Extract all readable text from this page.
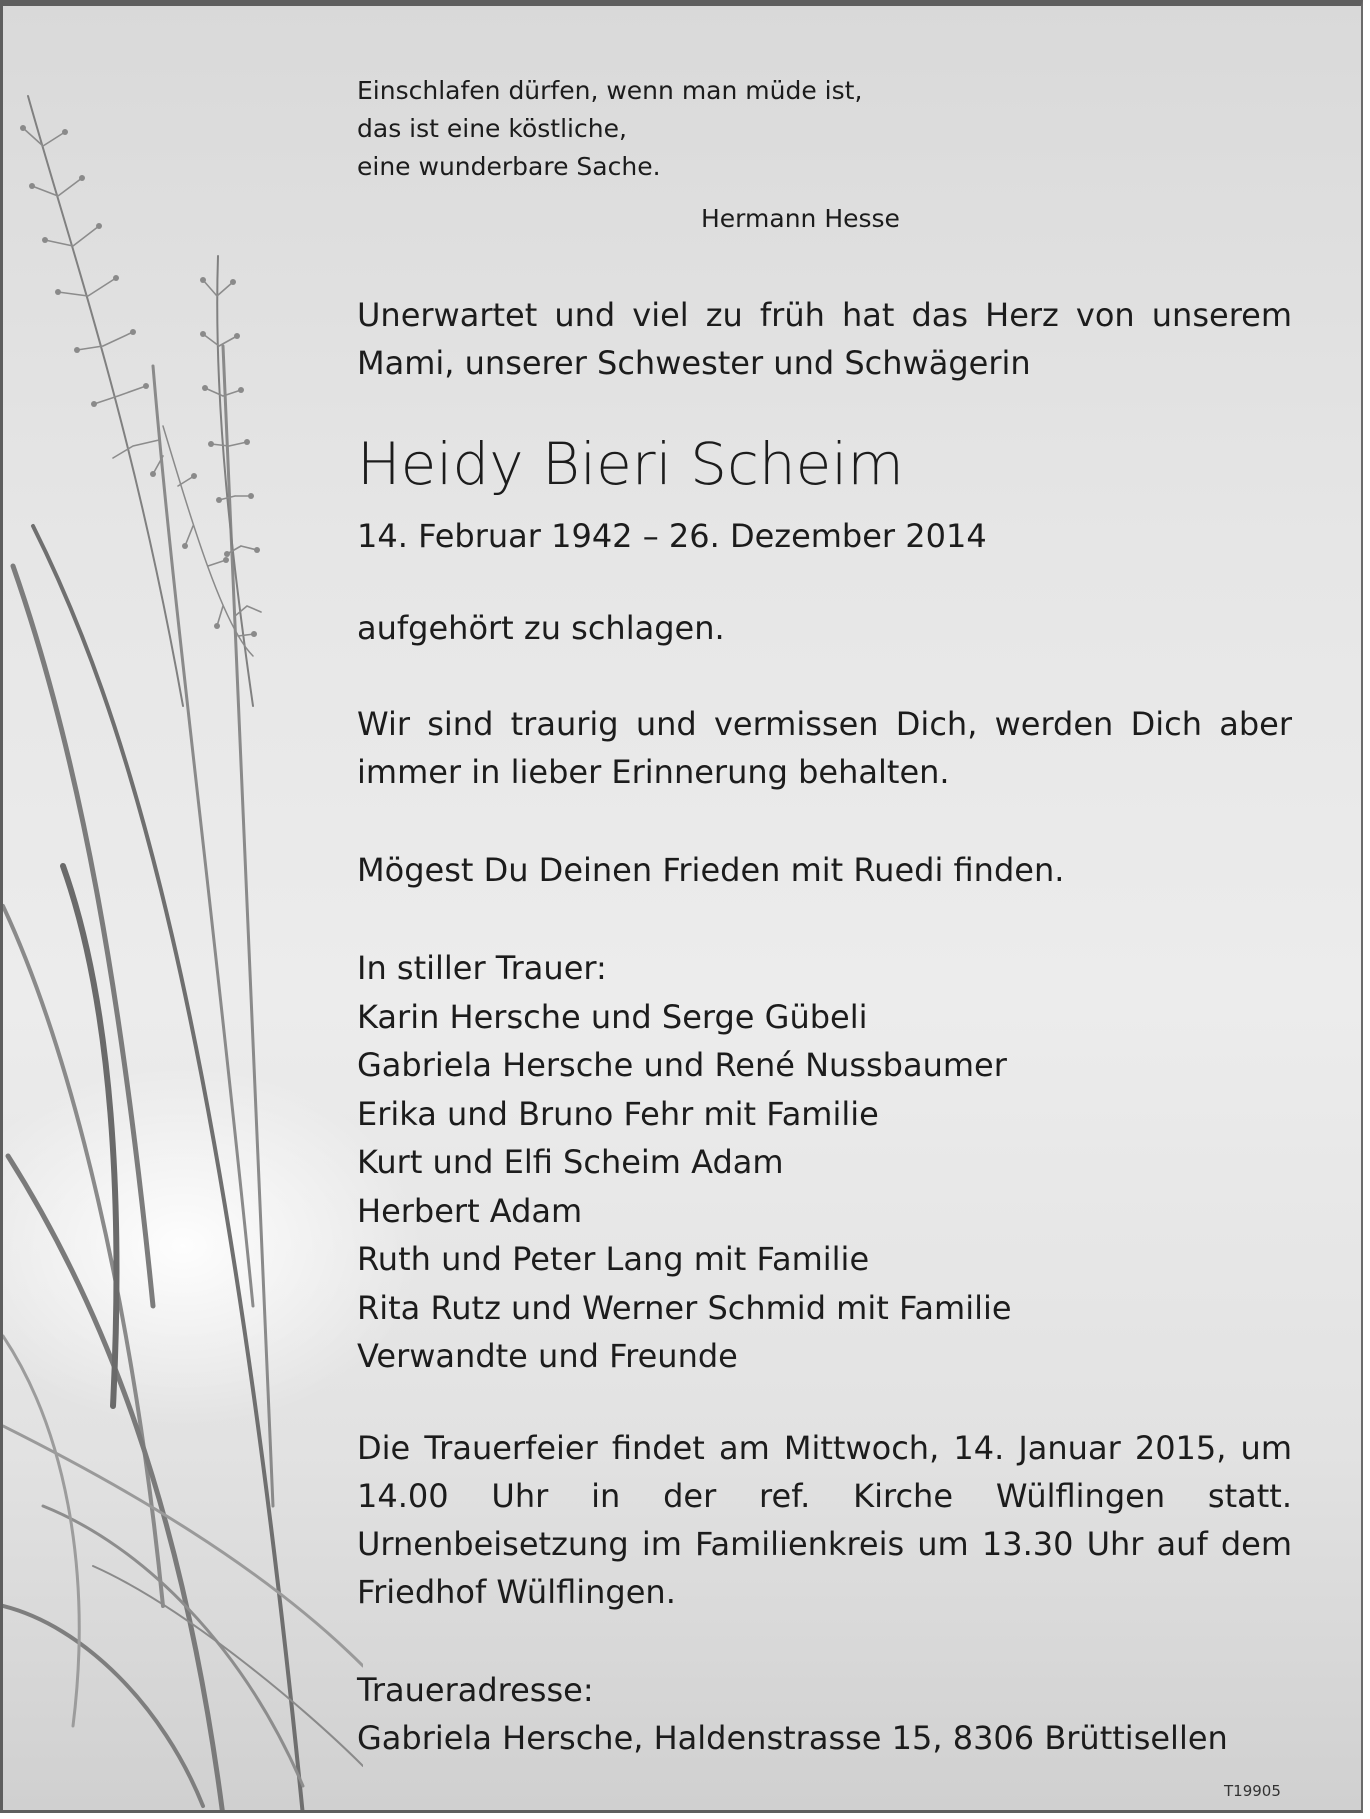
Einschlafen dürfen, wenn man müde ist,
das ist eine köstliche,
eine wunderbare Sache.
Hermann Hesse
Unerwartet und viel zu früh hat das Herz von unserem Mami, unserer Schwester und Schwägerin
Heidy Bieri Scheim
14. Februar 1942 – 26. Dezember 2014
aufgehört zu schlagen.
Wir sind traurig und vermissen Dich, werden Dich aber immer in lieber Erinnerung behalten.
Mögest Du Deinen Frieden mit Ruedi finden.
In stiller Trauer:
Karin Hersche und Serge Gübeli
Gabriela Hersche und René Nussbaumer
Erika und Bruno Fehr mit Familie
Kurt und Elfi Scheim Adam
Herbert Adam
Ruth und Peter Lang mit Familie
Rita Rutz und Werner Schmid mit Familie
Verwandte und Freunde
Die Trauerfeier findet am Mittwoch, 14. Januar 2015, um 14.00 Uhr in der ref. Kirche Wülflingen statt. Urnenbeisetzung im Familienkreis um 13.30 Uhr auf dem Friedhof Wülflingen.
Traueradresse:
Gabriela Hersche, Haldenstrasse 15, 8306 Brüttisellen
T19905
